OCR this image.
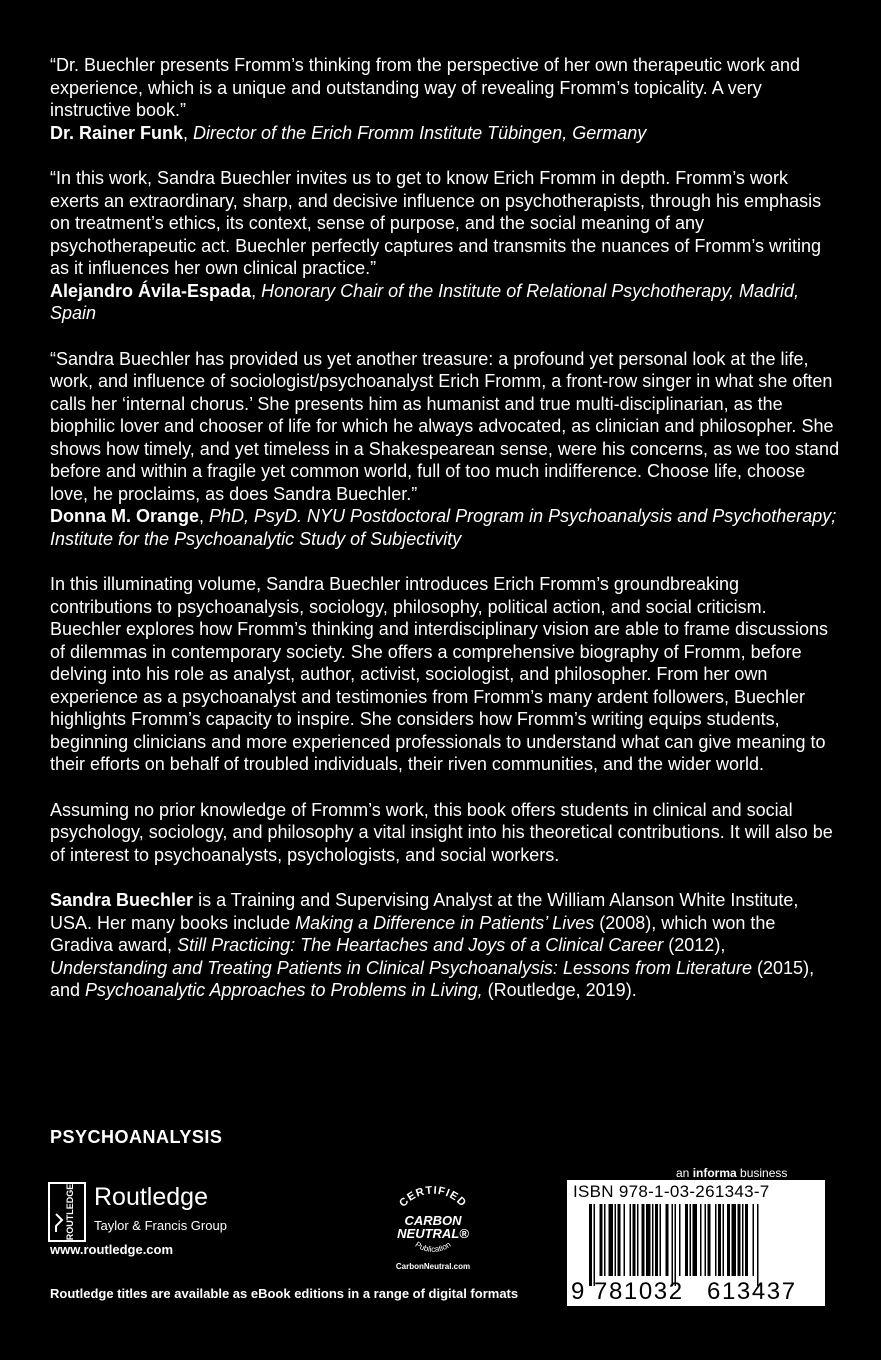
“Dr. Buechler presents Fromm’s thinking from the perspective of her own therapeutic work and experience, which is a unique and outstanding way of revealing Fromm’s topicality. A very instructive book.”

Dr. Rainer Funk, Director of the Erich Fromm Institute Tübingen, Germany

“In this work, Sandra Buechler invites us to get to know Erich Fromm in depth. Fromm’s work exerts an extraordinary, sharp, and decisive influence on psychotherapists, through his emphasis on treatment’s ethics, its context, sense of purpose, and the social meaning of any psychotherapeutic act. Buechler perfectly captures and transmits the nuances of Fromm’s writing as it influences her own clinical practice.”

Alejandro Ávila-Espada, Honorary Chair of the Institute of Relational Psychotherapy, Madrid, Spain

“Sandra Buechler has provided us yet another treasure: a profound yet personal look at the life, work, and influence of sociologist/psychoanalyst Erich Fromm, a front-row singer in what she often calls her ‘internal chorus.’ She presents him as humanist and true multi-disciplinarian, as the biophilic lover and chooser of life for which he always advocated, as clinician and philosopher. She shows how timely, and yet timeless in a Shakespearean sense, were his concerns, as we too stand before and within a fragile yet common world, full of too much indifference. Choose life, choose love, he proclaims, as does Sandra Buechler.”

Donna M. Orange, PhD, PsyD. NYU Postdoctoral Program in Psychoanalysis and Psychotherapy; Institute for the Psychoanalytic Study of Subjectivity

In this illuminating volume, Sandra Buechler introduces Erich Fromm’s groundbreaking contributions to psychoanalysis, sociology, philosophy, political action, and social criticism. Buechler explores how Fromm’s thinking and interdisciplinary vision are able to frame discussions of dilemmas in contemporary society. She offers a comprehensive biography of Fromm, before delving into his role as analyst, author, activist, sociologist, and philosopher. From her own experience as a psychoanalyst and testimonies from Fromm’s many ardent followers, Buechler highlights Fromm’s capacity to inspire. She considers how Fromm’s writing equips students, beginning clinicians and more experienced professionals to understand what can give meaning to their efforts on behalf of troubled individuals, their riven communities, and the wider world.

Assuming no prior knowledge of Fromm’s work, this book offers students in clinical and social psychology, sociology, and philosophy a vital insight into his theoretical contributions. It will also be of interest to psychoanalysts, psychologists, and social workers.

Sandra Buechler is a Training and Supervising Analyst at the William Alanson White Institute, USA. Her many books include Making a Difference in Patients’ Lives (2008), which won the Gradiva award, Still Practicing: The Heartaches and Joys of a Clinical Career (2012), Understanding and Treating Patients in Clinical Psychoanalysis: Lessons from Literature (2015), and Psychoanalytic Approaches to Problems in Living, (Routledge, 2019).

PSYCHOANALYSIS
ROUTLEDGE Routledge
Taylor & Francis Group
www.routledge.com
CERTIFIED
CARBON
NEUTRAL®
Publication
CarbonNeutral.com
an informa business
ISBN 978-1-03-261343-7
9 781032 613437
Routledge titles are available as eBook editions in a range of digital formats
